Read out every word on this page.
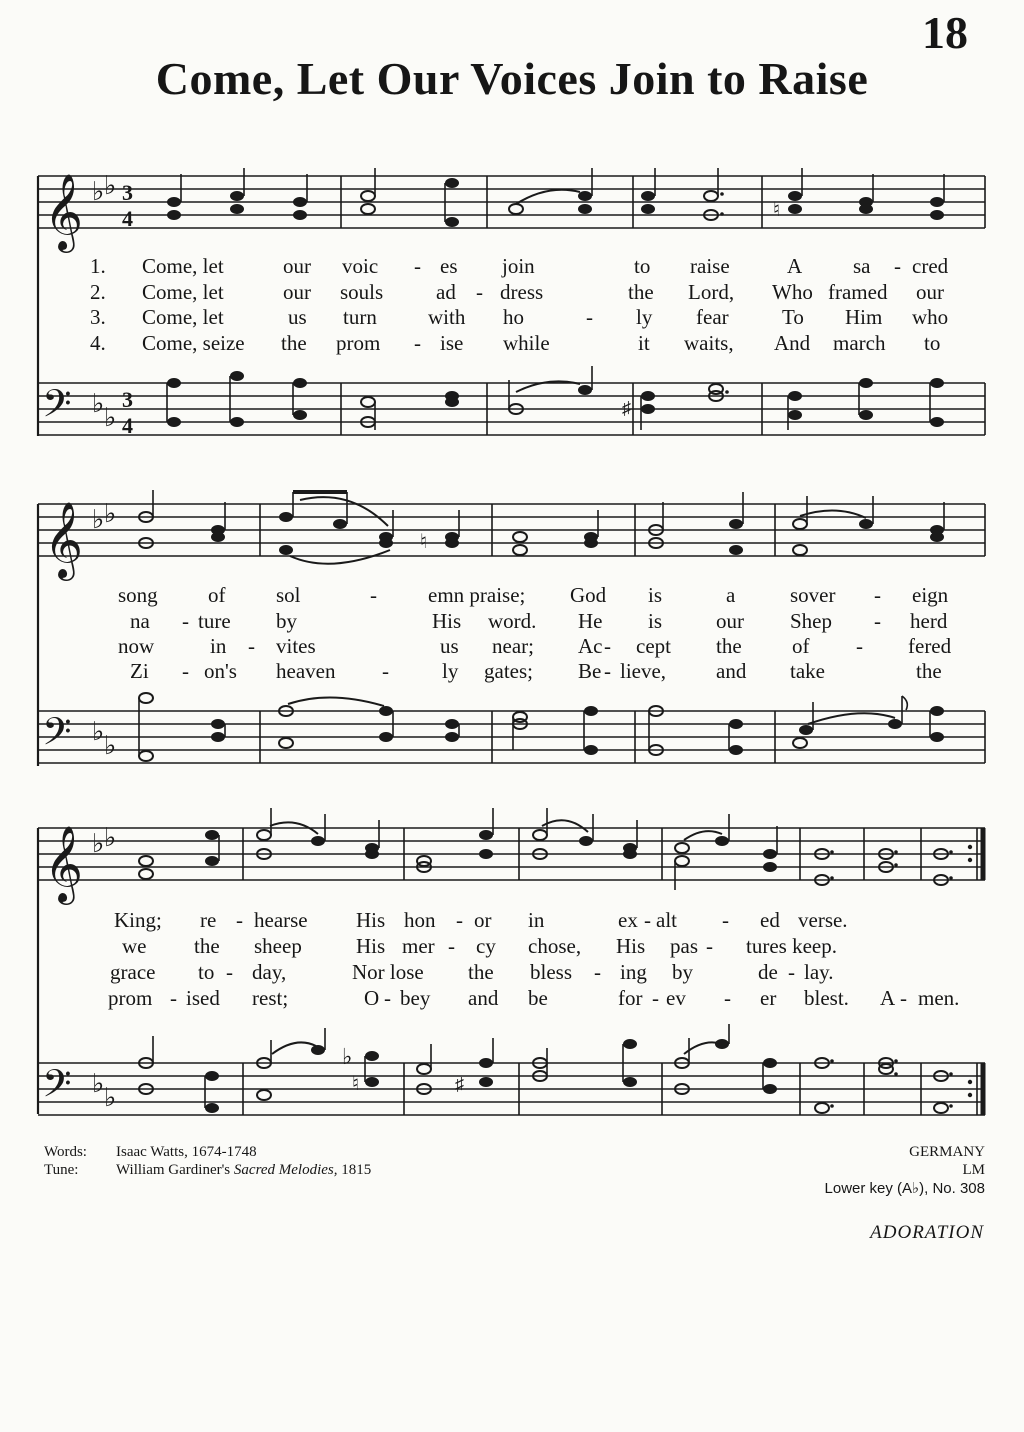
18
Come, Let Our Voices Join to Raise
𝄞 ♭ ♭ 3
4	♮
1. Come, let	our voic - es join	to raise	A sa - cred
2. Come, let	our souls	ad - dress	the Lord, Who framed our
3. Come, let	us turn with ho	- ly fear	To Him who
4. Come, seize the prom - ise while	it waits, And march to
𝄢 ♭ ♭
3
4
♯
𝄞 ♭ ♭
♮
song of sol	- emn praise; God is	a	sover - eign
na - ture by	His word. He is	our Shep - herd
now	in - vites	us near; Ac - cept the of - fered
Zi - on's heaven -	ly gates; Be - lieve, and take	the
𝄢 ♭ ♭
𝄞 ♭ ♭
King; re - hearse His hon - or in	ex - alt - ed verse.
we the sheep	His mer - cy chose, His pas - tures keep.
grace to - day,	Nor lose the bless - ing by	de - lay.
prom - ised rest;	O - bey and be	for - ev - er blest. A - men.
𝄢 ♭ ♭
♭
♮	♯
Words: Isaac Watts, 1674-1748
Tune:	William Gardiner's Sacred Melodies, 1815
GERMANY
LM
Lower key (A♭), No. 308
ADORATION
